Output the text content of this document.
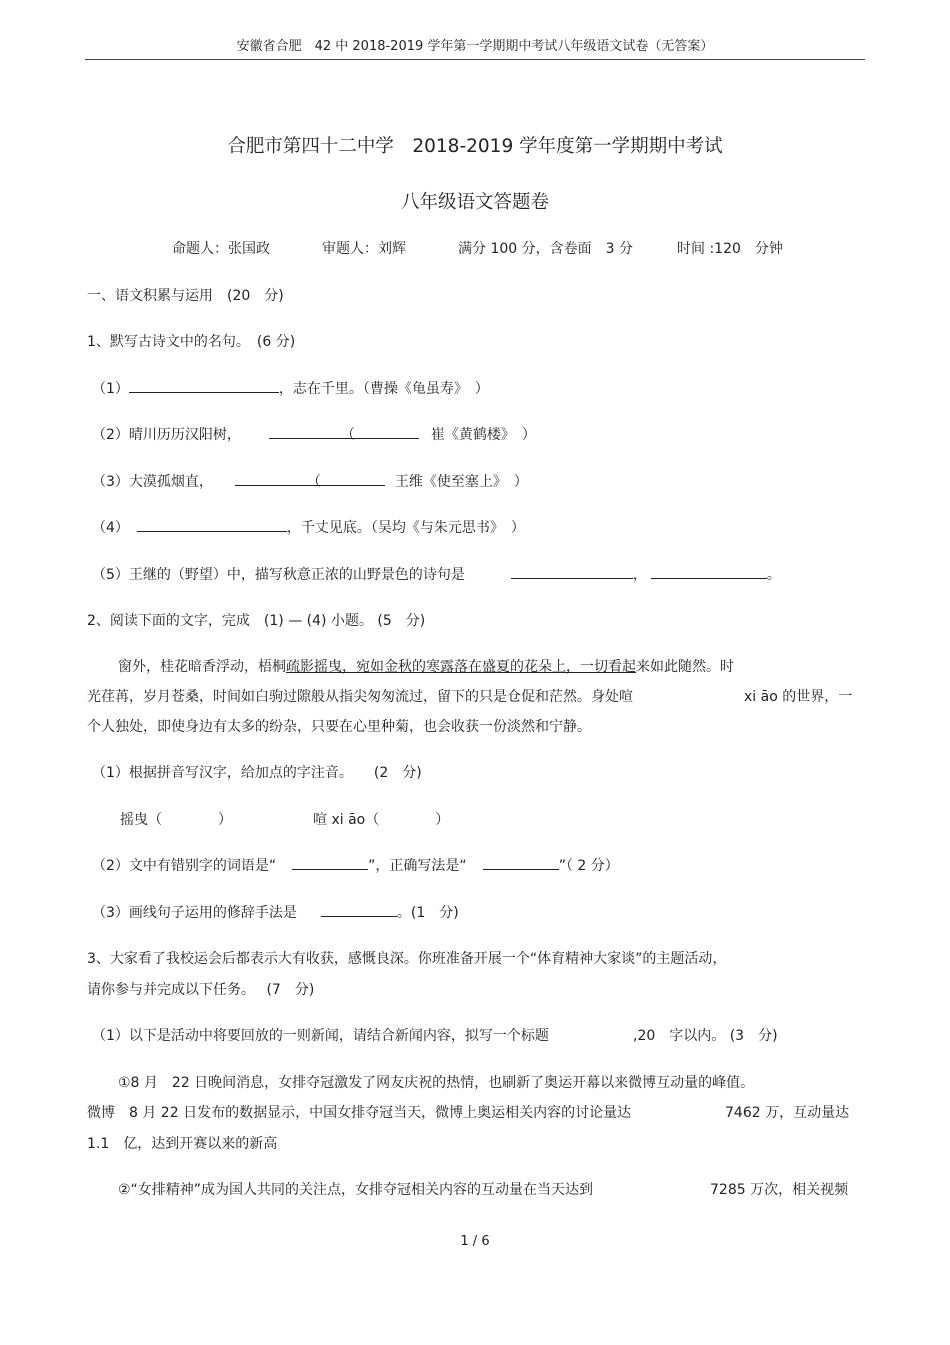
安徽省合肥　42 中 2018-2019 学年第一学期期中考试八年级语文试卷（无答案）
合肥市第四十二中学　2018-2019 学年度第一学期期中考试
八年级语文答题卷
命题人：张国政	审题人：刘辉	满分 100 分，含卷面　3 分	时间 :120　分钟
一、语文积累与运用　(20　分)
1、默写古诗文中的名句。　(6 分)
（1）	，志在千里。（曹操《龟虽寿》　）
（2）晴川历历汉阳树，	（	崔《黄鹤楼》　）
（3）大漠孤烟直，	（	王维《使至塞上》　）
（4）	，千丈见底。（吴均《与朱元思书》　）
（5）王继的（野望）中，描写秋意正浓的山野景色的诗句是	，	。
2、阅读下面的文字，完成　(1) — (4) 小题。 (5　分)
窗外，桂花暗香浮动，梧桐疏影摇曳，宛如金秋的寒露落在盛夏的花朵上，一切看起来如此随然。时
光荏苒，岁月苍桑，时间如白驹过隙般从指尖匆匆流过，留下的只是仓促和茫然。身处喧	xi āo 的世界，一
个人独处，即使身边有太多的纷杂，只要在心里种菊，也会收获一份淡然和宁静。
（1）根据拼音写汉字，给加点的字注音。　　(2　分)
摇曳（　　　　）	喧 xi āo（　　　　）
（2）文中有错别字的词语是“	”，正确写法是“	”（ 2 分）
（3）画线句子运用的修辞手法是	。(1　分)
3、大家看了我校运会后都表示大有收获，感慨良深。你班准备开展一个“体育精神大家谈”的主题活动，
请你参与并完成以下任务。　 (7　分)
（1）以下是活动中将要回放的一则新闻，请结合新闻内容，拟写一个标题	,20　字以内。 (3　分)
①8 月　22 日晚间消息，女排夺冠激发了网友庆祝的热情，也刷新了奥运开幕以来微博互动量的峰值。
微博　8 月 22 日发布的数据显示，中国女排夺冠当天，微博上奥运相关内容的讨论量达	7462 万，互动量达
1.1　亿，达到开赛以来的新高
②“女排精神”成为国人共同的关注点，女排夺冠相关内容的互动量在当天达到	7285 万次，相关视频
1 / 6
